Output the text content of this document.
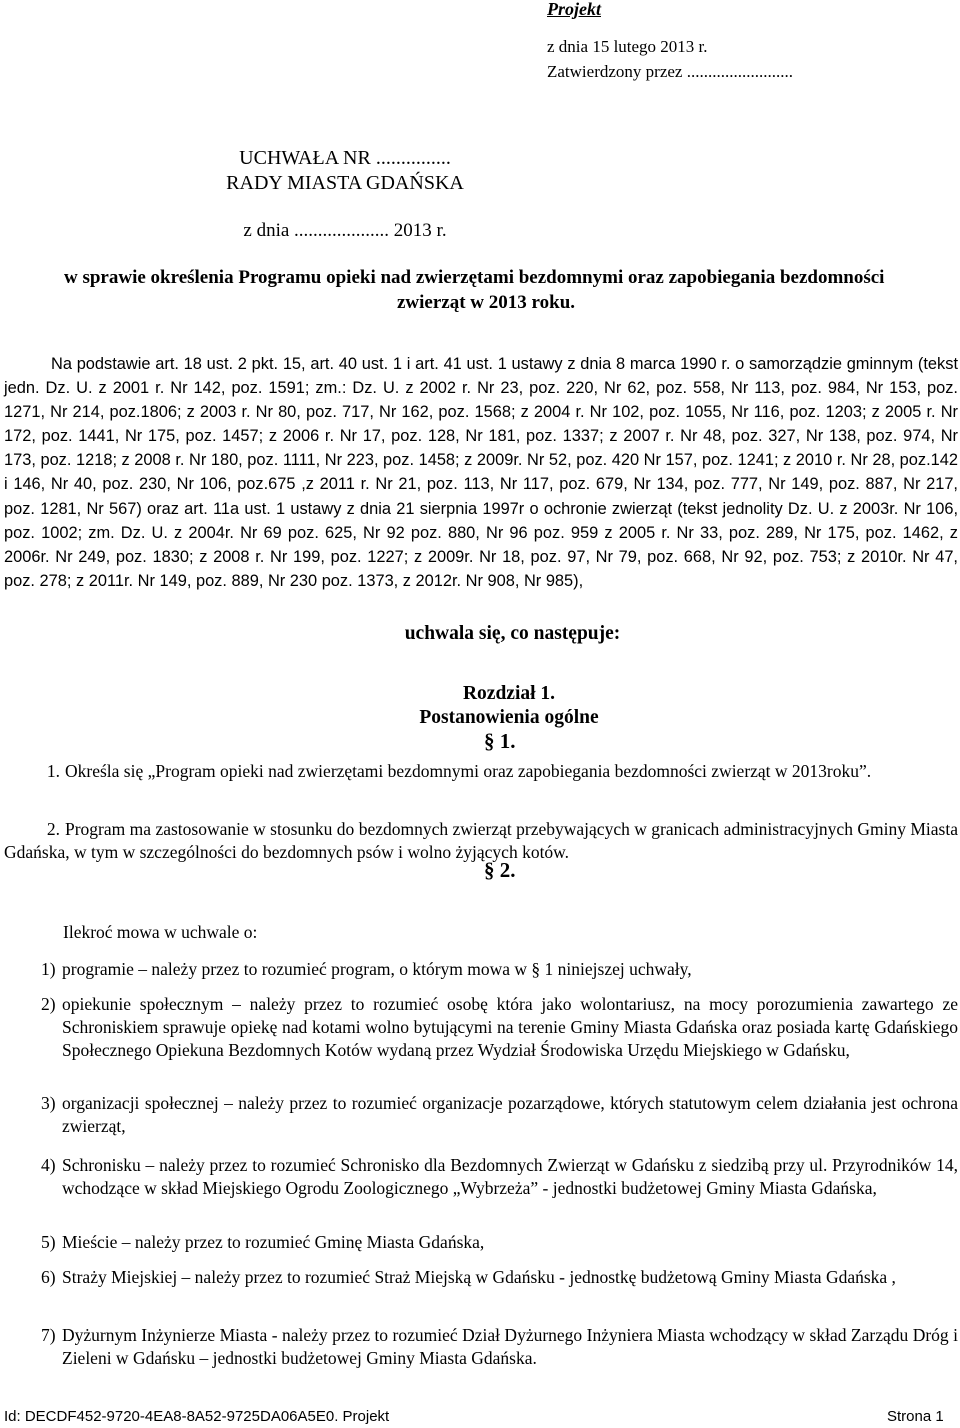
Projekt
z dnia 15 lutego 2013 r.
Zatwierdzony przez .........................
UCHWAŁA NR ...............
RADY MIASTA GDAŃSKA
z dnia .................... 2013 r.
w sprawie określenia Programu opieki nad zwierzętami bezdomnymi oraz zapobiegania bezdomności
zwierząt w 2013 roku.
Na podstawie art. 18 ust. 2 pkt. 15, art. 40 ust. 1 i art. 41 ust. 1 ustawy z dnia 8 marca 1990 r. o samorządzie gminnym (tekst jedn. Dz. U. z 2001 r. Nr 142, poz. 1591; zm.: Dz. U. z 2002 r. Nr 23, poz. 220, Nr 62, poz. 558, Nr 113, poz. 984, Nr 153, poz. 1271, Nr 214, poz.1806; z 2003 r. Nr 80, poz. 717, Nr 162, poz. 1568; z 2004 r. Nr 102, poz. 1055, Nr 116, poz. 1203; z 2005 r. Nr 172, poz. 1441, Nr 175, poz. 1457; z 2006 r. Nr 17, poz. 128, Nr 181, poz. 1337; z 2007 r. Nr 48, poz. 327, Nr 138, poz. 974, Nr 173, poz. 1218; z 2008 r. Nr 180, poz. 1111, Nr 223, poz. 1458; z 2009r. Nr 52, poz. 420 Nr 157, poz. 1241; z 2010 r. Nr 28, poz.142 i 146, Nr 40, poz. 230, Nr 106, poz.675 ,z 2011 r. Nr 21, poz. 113, Nr 117, poz. 679, Nr 134, poz. 777, Nr 149, poz. 887, Nr 217, poz. 1281, Nr 567) oraz art. 11a ust. 1 ustawy z dnia 21 sierpnia 1997r o ochronie zwierząt (tekst jednolity Dz. U. z 2003r. Nr 106, poz. 1002; zm. Dz. U. z 2004r. Nr 69 poz. 625, Nr 92 poz. 880, Nr 96 poz. 959 z 2005 r. Nr 33, poz. 289, Nr 175, poz. 1462, z 2006r. Nr 249, poz. 1830; z 2008 r. Nr 199, poz. 1227; z 2009r. Nr 18, poz. 97, Nr 79, poz. 668, Nr 92, poz. 753; z 2010r. Nr 47, poz. 278; z 2011r. Nr 149, poz. 889, Nr 230 poz. 1373, z 2012r. Nr 908, Nr 985),
uchwala się, co następuje:
Rozdział 1.
Postanowienia ogólne
§ 1.
1. Określa się „Program opieki nad zwierzętami bezdomnymi oraz zapobiegania bezdomności zwierząt w 2013roku”.
2. Program ma zastosowanie w stosunku do bezdomnych zwierząt przebywających w granicach administracyjnych Gminy Miasta Gdańska, w tym w szczególności do bezdomnych psów i wolno żyjących kotów.
§ 2.
Ilekroć mowa w uchwale o:
1) programie – należy przez to rozumieć program, o którym mowa w § 1 niniejszej uchwały,
2) opiekunie społecznym – należy przez to rozumieć osobę która jako wolontariusz, na mocy porozumienia zawartego ze Schroniskiem sprawuje opiekę nad kotami wolno bytującymi na terenie Gminy Miasta Gdańska oraz posiada kartę Gdańskiego Społecznego Opiekuna Bezdomnych Kotów wydaną przez Wydział Środowiska Urzędu Miejskiego w Gdańsku,
3) organizacji społecznej – należy przez to rozumieć organizacje pozarządowe, których statutowym celem działania jest ochrona zwierząt,
4) Schronisku – należy przez to rozumieć Schronisko dla Bezdomnych Zwierząt w Gdańsku z siedzibą przy ul. Przyrodników 14, wchodzące w skład Miejskiego Ogrodu Zoologicznego „Wybrzeża” - jednostki budżetowej Gminy Miasta Gdańska,
5) Mieście – należy przez to rozumieć Gminę Miasta Gdańska,
6) Straży Miejskiej – należy przez to rozumieć Straż Miejską w Gdańsku - jednostkę budżetową Gminy Miasta Gdańska ,
7) Dyżurnym Inżynierze Miasta - należy przez to rozumieć Dział Dyżurnego Inżyniera Miasta wchodzący w skład Zarządu Dróg i Zieleni w Gdańsku – jednostki budżetowej Gminy Miasta Gdańska.
Id: DECDF452-9720-4EA8-8A52-9725DA06A5E0. Projekt	Strona 1
